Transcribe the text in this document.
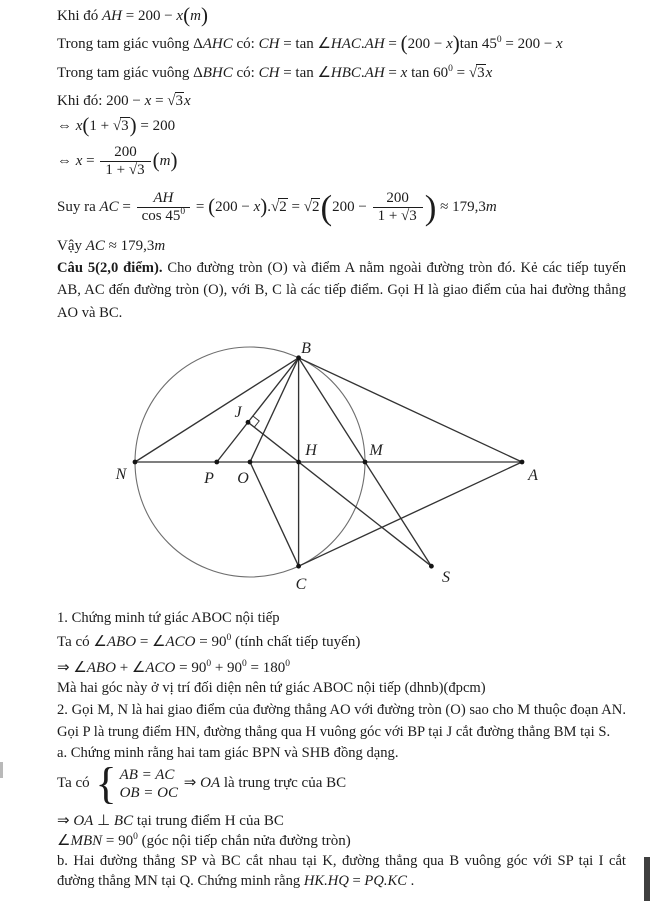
Khi đó AH = 200 − x(m)
Trong tam giác vuông ΔAHC có: CH = tan ∠HAC.AH = (200 − x)tan $45^0 = 200 - x$
Trong tam giác vuông ΔBHC có: CH = tan ∠HBC.AH = x $\tan 60^0 = √3x$
Khi đó: 200 − x = √3x
⇔ x(1 + √3) = 200
⇔ $x = \frac{200}{1 + √3} (m)$
Suy ra AC = $\frac{AH}{\cos 45^0} = (200 - x).√2 = √2(200 - \frac{200}{1 + √3}$ ) ≈ 179,3m
Vậy AC ≈ 179,3m

Câu 5(2,0 điểm). Cho đường tròn (O) và điểm A nằm ngoài đường tròn đó. Kẻ các tiếp tuyến AB, AC đến đường tròn (O), với B, C là các tiếp điểm. Gọi H là giao điểm của hai đường thẳng AO và BC.

B
N	P O
H	M
A
C	S
J
1. Chứng minh tứ giác ABOC nội tiếp
Ta có ∠ABO = ∠ACO = $90^0$ (tính chất tiếp tuyến)
⇒ ∠ABO + ∠ACO = $90^0 + 90^0 = 180^0$
Mà hai góc này ở vị trí đối diện nên tứ giác ABOC nội tiếp (dhnb)(đpcm)

2. Gọi M, N là hai giao điểm của đường thẳng AO với đường tròn (O) sao cho M thuộc đoạn AN. Gọi P là trung điểm HN, đường thẳng qua H vuông góc với BP tại J cắt đường thẳng BM tại S.

a. Chứng minh rằng hai tam giác BPN và SHB đồng dạng.
Ta có { AB = AC
OB = OC
⇒ OA là trung trực của BC
⇒ OA ⊥ BC tại trung điểm H của BC
∠MBN = $90^0$ (góc nội tiếp chắn nửa đường tròn)

b. Hai đường thẳng SP và BC cắt nhau tại K, đường thẳng qua B vuông góc với SP tại I cắt đường thẳng MN tại Q. Chứng minh rằng HK.HQ = PQ.KC .
